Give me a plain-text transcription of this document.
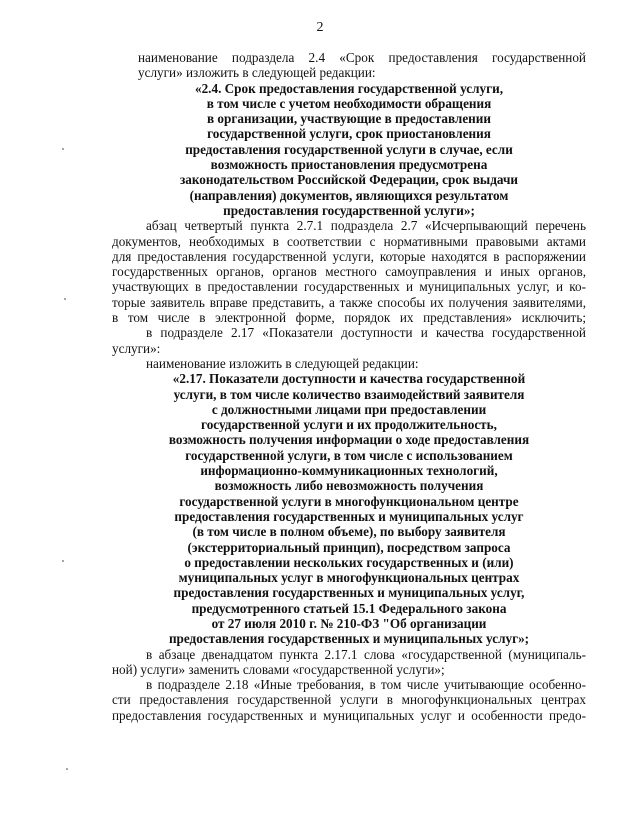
2
наименование подраздела 2.4 «Срок предоставления государственной
услуги» изложить в следующей редакции:
«2.4. Срок предоставления государственной услуги,
в том числе с учетом необходимости обращения
в организации, участвующие в предоставлении
государственной услуги, срок приостановления
предоставления государственной услуги в случае, если
возможность приостановления предусмотрена
законодательством Российской Федерации, срок выдачи
(направления) документов, являющихся результатом
предоставления государственной услуги»;
абзац четвертый пункта 2.7.1 подраздела 2.7 «Исчерпывающий перечень
документов, необходимых в соответствии с нормативными правовыми актами
для предоставления государственной услуги, которые находятся в распоряжении
государственных органов, органов местного самоуправления и иных органов,
участвующих в предоставлении государственных и муниципальных услуг, и ко-
торые заявитель вправе представить, а также способы их получения заявителями,
в том числе в электронной форме, порядок их представления» исключить;
в подразделе 2.17 «Показатели доступности и качества государственной
услуги»:
наименование изложить в следующей редакции:
«2.17. Показатели доступности и качества государственной
услуги, в том числе количество взаимодействий заявителя
с должностными лицами при предоставлении
государственной услуги и их продолжительность,
возможность получения информации о ходе предоставления
государственной услуги, в том числе с использованием
информационно-коммуникационных технологий,
возможность либо невозможность получения
государственной услуги в многофункциональном центре
предоставления государственных и муниципальных услуг
(в том числе в полном объеме), по выбору заявителя
(экстерриториальный принцип), посредством запроса
о предоставлении нескольких государственных и (или)
муниципальных услуг в многофункциональных центрах
предоставления государственных и муниципальных услуг,
предусмотренного статьей 15.1 Федерального закона
от 27 июля 2010 г. № 210-ФЗ "Об организации
предоставления государственных и муниципальных услуг»;
в абзаце двенадцатом пункта 2.17.1 слова «государственной (муниципаль-
ной) услуги» заменить словами «государственной услуги»;
в подразделе 2.18 «Иные требования, в том числе учитывающие особенно-
сти предоставления государственной услуги в многофункциональных центрах
предоставления государственных и муниципальных услуг и особенности предо-
